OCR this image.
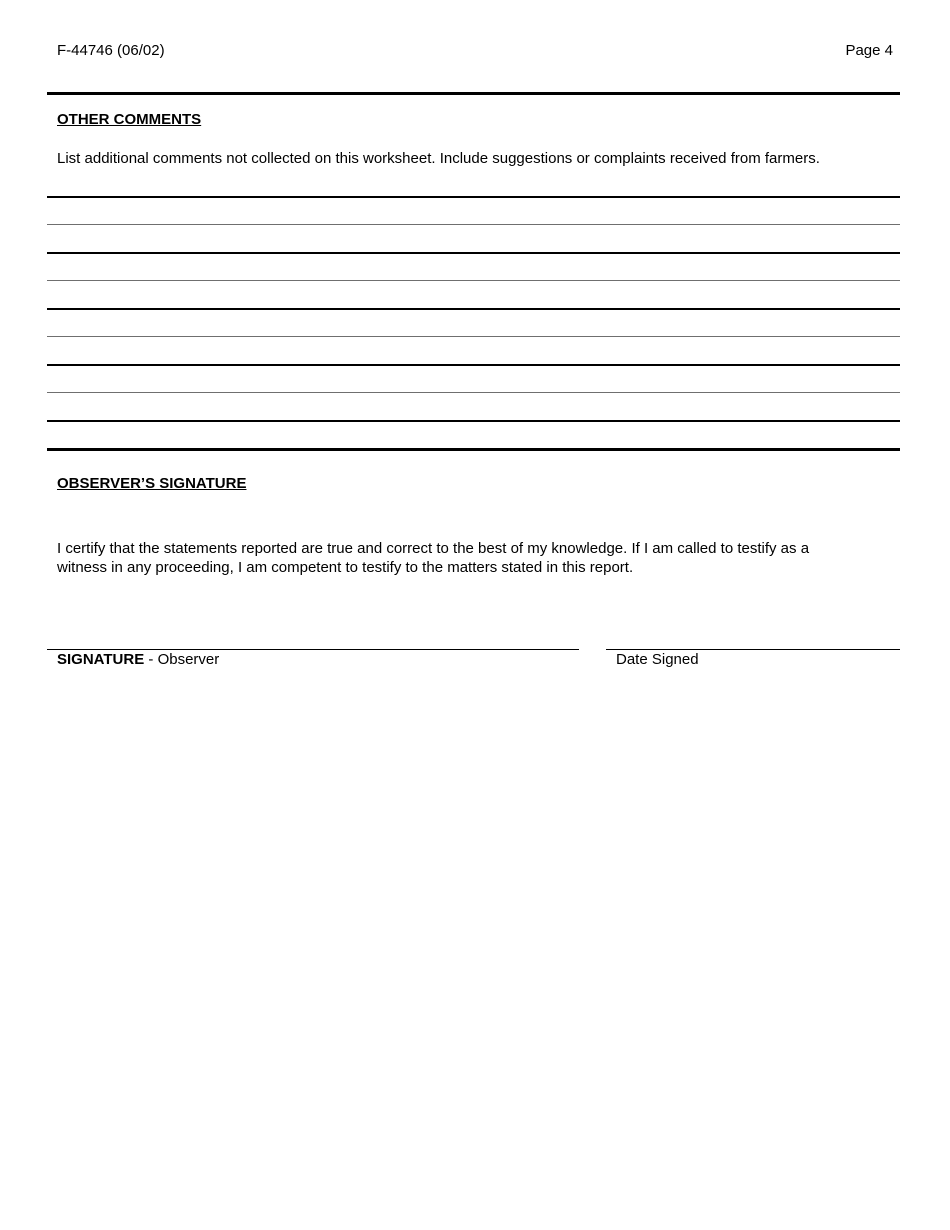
F-44746 (06/02)	Page 4
OTHER COMMENTS
List additional comments not collected on this worksheet. Include suggestions or complaints received from farmers.
OBSERVER’S SIGNATURE
I certify that the statements reported are true and correct to the best of my knowledge. If I am called to testify as a
witness in any proceeding, I am competent to testify to the matters stated in this report.
SIGNATURE - Observer	Date Signed
